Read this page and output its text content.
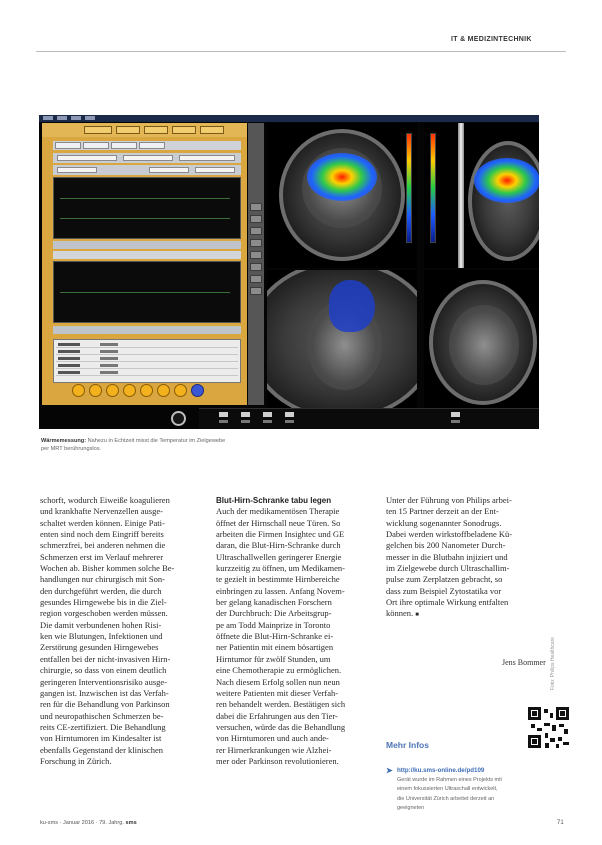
IT & MEDIZINTECHNIK
Wärmemessung: Nahezu in Echtzeit misst die Temperatur im Zielgewebe
per MRT berührungslos.

schorft, wodurch Eiweiße koagulieren

und krankhafte Nervenzellen ausge-

schaltet werden können. Einige Pati-

enten sind noch dem Eingriff bereits

schmerzfrei, bei anderen nehmen die

Schmerzen erst im Verlauf mehrerer

Wochen ab. Bisher kommen solche Be-

handlungen nur chirurgisch mit Son-

den durchgeführt werden, die durch

gesundes Hirngewebe bis in die Ziel-

region vorgeschoben werden müssen.

Die damit verbundenen hohen Risi-

ken wie Blutungen, Infektionen und

Zerstörung gesunden Hirngewebes

entfallen bei der nicht-invasiven Hirn-

chirurgie, so dass von einem deutlich

geringeren Interventionsrisiko ausge-

gangen ist. Inzwischen ist das Verfah-

ren für die Behandlung von Parkinson

und neuropathischen Schmerzen be-

reits CE-zertifiziert. Die Behandlung

von Hirntumoren im Kindesalter ist

ebenfalls Gegenstand der klinischen

Forschung in Zürich.

Blut-Hirn-Schranke tabu legen

Auch der medikamentösen Therapie

öffnet der Hirnschall neue Türen. So

arbeiten die Firmen Insightec und GE

daran, die Blut-Hirn-Schranke durch

Ultraschallwellen geringerer Energie

kurzzeitig zu öffnen, um Medikamen-

te gezielt in bestimmte Hirnbereiche

einbringen zu lassen. Anfang Novem-

ber gelang kanadischen Forschern

der Durchbruch: Die Arbeitsgrup-

pe am Todd Mainprize in Toronto

öffnete die Blut-Hirn-Schranke ei-

ner Patientin mit einem bösartigen

Hirntumor für zwölf Stunden, um

eine Chemotherapie zu ermöglichen.

Nach diesem Erfolg sollen nun neun

weitere Patienten mit dieser Verfah-

ren behandelt werden. Bestätigen sich

dabei die Erfahrungen aus den Tier-

versuchen, würde das die Behandlung

von Hirntumoren und auch ande-

rer Hirnerkrankungen wie Alzhei-

mer oder Parkinson revolutionieren.

Unter der Führung von Philips arbei-

ten 15 Partner derzeit an der Ent-

wicklung sogenannter Sonodrugs.

Dabei werden wirkstoffbeladene Kü-

gelchen bis 200 Nanometer Durch-

messer in die Blutbahn injiziert und

im Zielgewebe durch Ultraschallim-

pulse zum Zerplatzen gebracht, so

dass zum Beispiel Zytostatika vor

Ort ihre optimale Wirkung entfalten

können. ■

Jens Bommer Foto: Philips Healthcare
Mehr Infos
➤ http://ku.sms-online.de/pd109
Gerät wurde im Rahmen eines Projekts mit
einem fokussierten Ultraschall entwickelt,
die Universität Zürich arbeitet derzeit an
geeigneten
ku-sms · Januar 2016 · 79. Jahrg. sms	71
